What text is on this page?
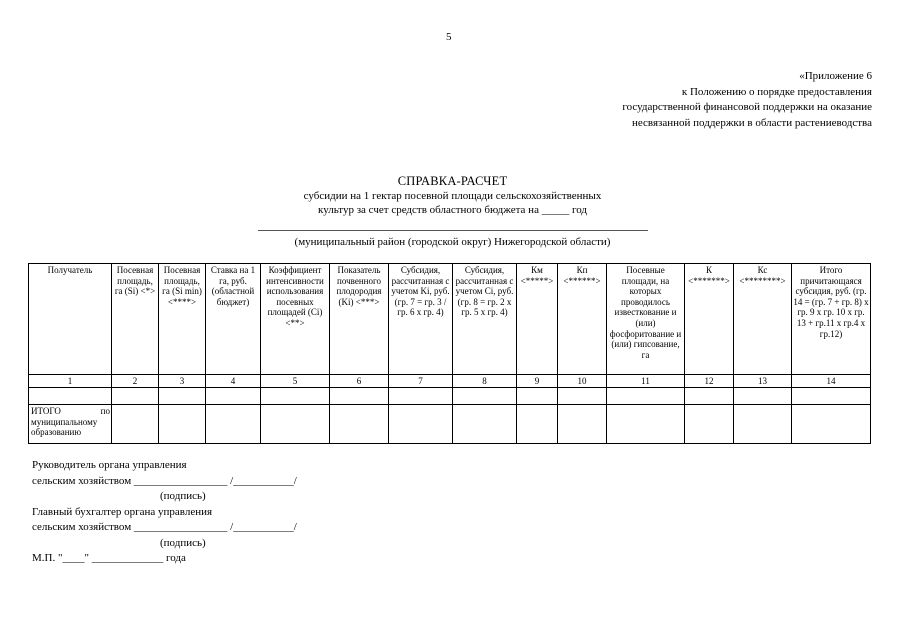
5
«Приложение 6
к Положению о порядке предоставления
государственной финансовой поддержки на оказание
несвязанной поддержки в области растениеводства
СПРАВКА-РАСЧЕТ
субсидии на 1 гектар посевной площади сельскохозяйственных
культур за счет средств областного бюджета на _____ год
(муниципальный район (городской округ) Нижегородской области)
Получатель	Посевная площадь, га (Si) <*>	Посевная площадь, га (Si min) <****>	Ставка на 1 га, руб. (областной бюджет)	Коэффициент интенсивности использования посевных площадей (Ci) <**>	Показатель почвенного плодородия (Ki) <***>	Субсидия, рассчитанная с учетом Ki, руб. (гр. 7 = гр. 3 / гр. 6 х гр. 4)	Субсидия, рассчитанная с учетом Ci, руб. (гр. 8 = гр. 2 х гр. 5 х гр. 4)	Км <*****>	Кп <******>	Посевные площади, на которых проводилось известкование и (или) фосфоритование и (или) гипсование, га	К <*******>	Кс <********>	Итого причитающаяся субсидия, руб. (гр. 14 = (гр. 7 + гр. 8) х гр. 9 х гр. 10 х гр. 13 + гр.11 х гр.4 х гр.12)
1	2	3	4	5	6	7	8	9	10	11	12	13	14

ИТОГО по муниципальному образованию													
Руководитель органа управления
сельским хозяйством _________________ /___________/
(подпись)
Главный бухгалтер органа управления
сельским хозяйством _________________ /___________/
(подпись)
М.П. "____" _____________ года
